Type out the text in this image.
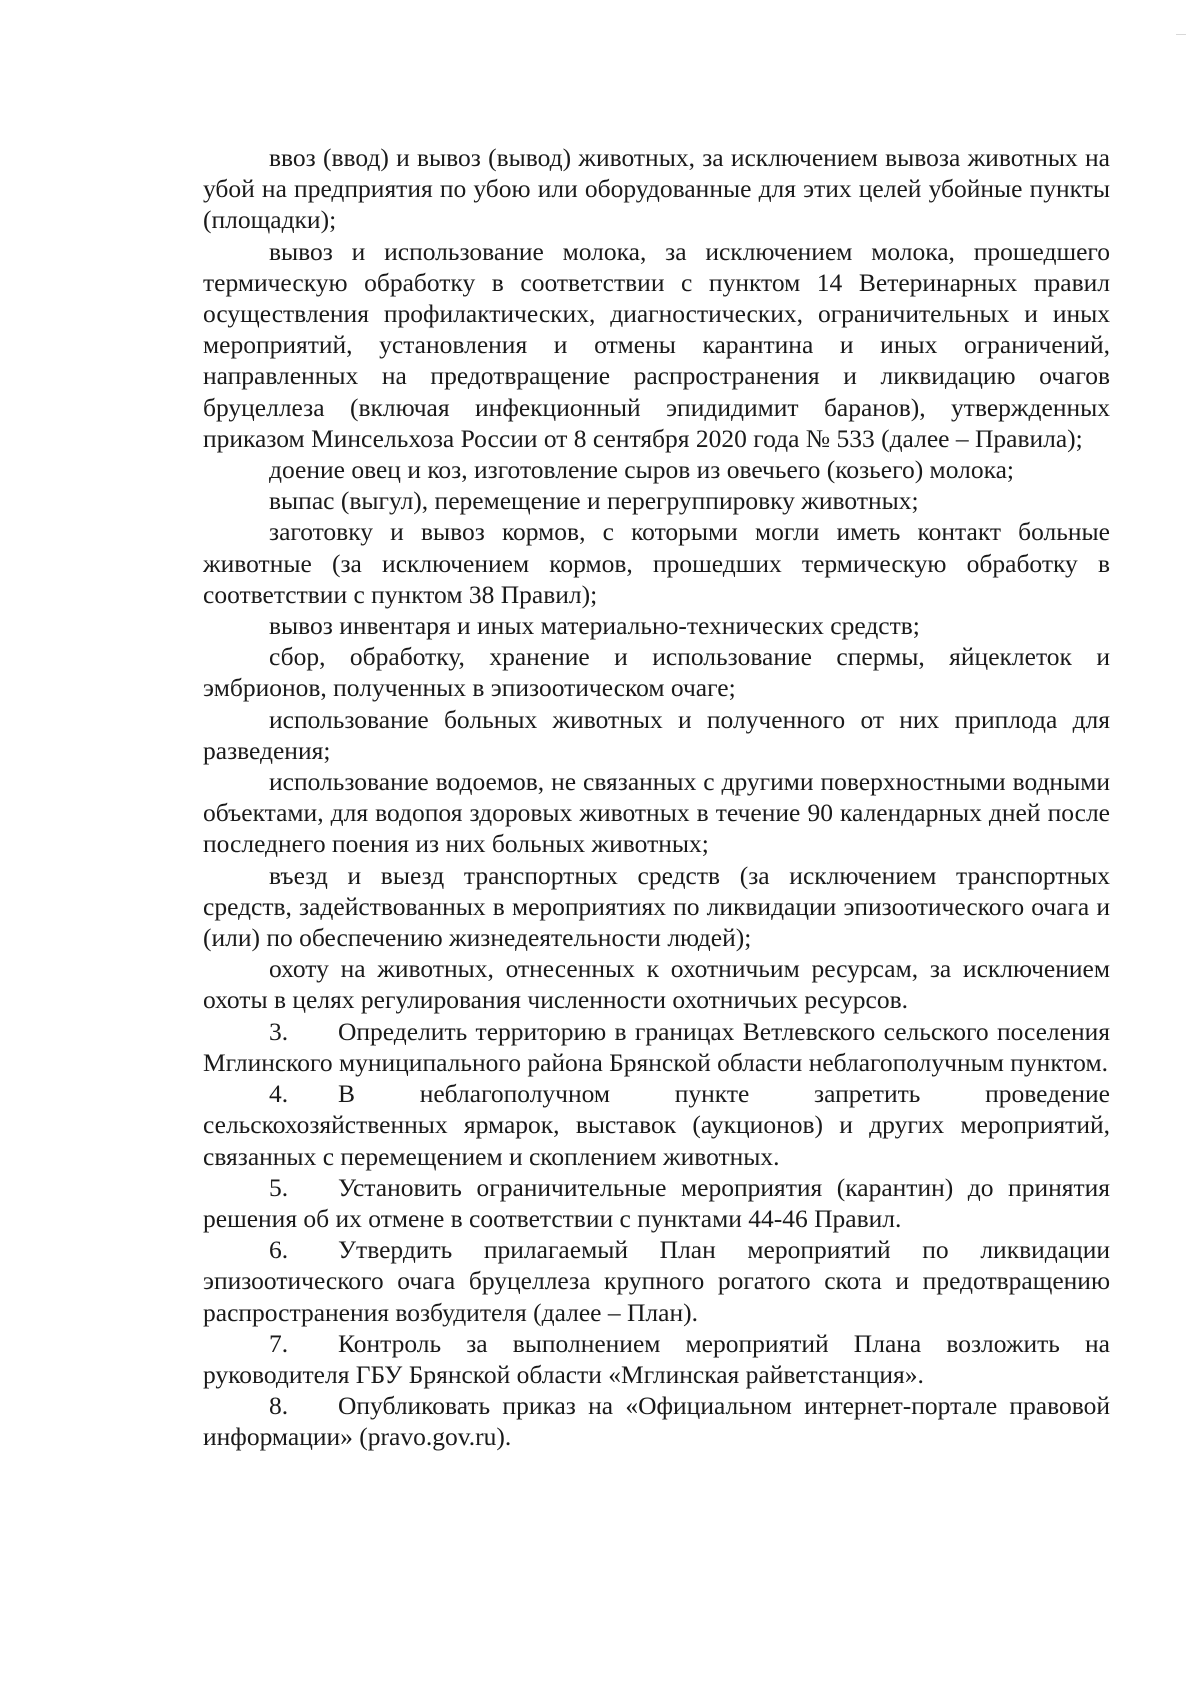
ввоз (ввод) и вывоз (вывод) животных, за исключением вывоза животных на убой на предприятия по убою или оборудованные для этих целей убойные пункты (площадки);

вывоз и использование молока, за исключением молока, прошедшего термическую обработку в соответствии с пунктом 14 Ветеринарных правил осуществления профилактических, диагностических, ограничительных и иных мероприятий, установления и отмены карантина и иных ограничений, направленных на предотвращение распространения и ликвидацию очагов бруцеллеза (включая инфекционный эпидидимит баранов), утвержденных приказом Минсельхоза России от 8 сентября 2020 года № 533 (далее – Правила);

доение овец и коз, изготовление сыров из овечьего (козьего) молока;

выпас (выгул), перемещение и перегруппировку животных;

заготовку и вывоз кормов, с которыми могли иметь контакт больные животные (за исключением кормов, прошедших термическую обработку в соответствии с пунктом 38 Правил);

вывоз инвентаря и иных материально-технических средств;

сбор, обработку, хранение и использование спермы, яйцеклеток и эмбрионов, полученных в эпизоотическом очаге;

использование больных животных и полученного от них приплода для разведения;

использование водоемов, не связанных с другими поверхностными водными объектами, для водопоя здоровых животных в течение 90 календарных дней после последнего поения из них больных животных;

въезд и выезд транспортных средств (за исключением транспортных средств, задействованных в мероприятиях по ликвидации эпизоотического очага и (или) по обеспечению жизнедеятельности людей);

охоту на животных, отнесенных к охотничьим ресурсам, за исключением охоты в целях регулирования численности охотничьих ресурсов.

3. Определить территорию в границах Ветлевского сельского поселения Мглинского муниципального района Брянской области неблагополучным пунктом.

4. В неблагополучном пункте запретить проведение сельскохозяйственных ярмарок, выставок (аукционов) и других мероприятий, связанных с перемещением и скоплением животных.

5. Установить ограничительные мероприятия (карантин) до принятия решения об их отмене в соответствии с пунктами 44-46 Правил.

6. Утвердить прилагаемый План мероприятий по ликвидации эпизоотического очага бруцеллеза крупного рогатого скота и предотвращению распространения возбудителя (далее – План).

7. Контроль за выполнением мероприятий Плана возложить на руководителя ГБУ Брянской области «Мглинская райветстанция».

8. Опубликовать приказ на «Официальном интернет-портале правовой информации» (pravo.gov.ru).
